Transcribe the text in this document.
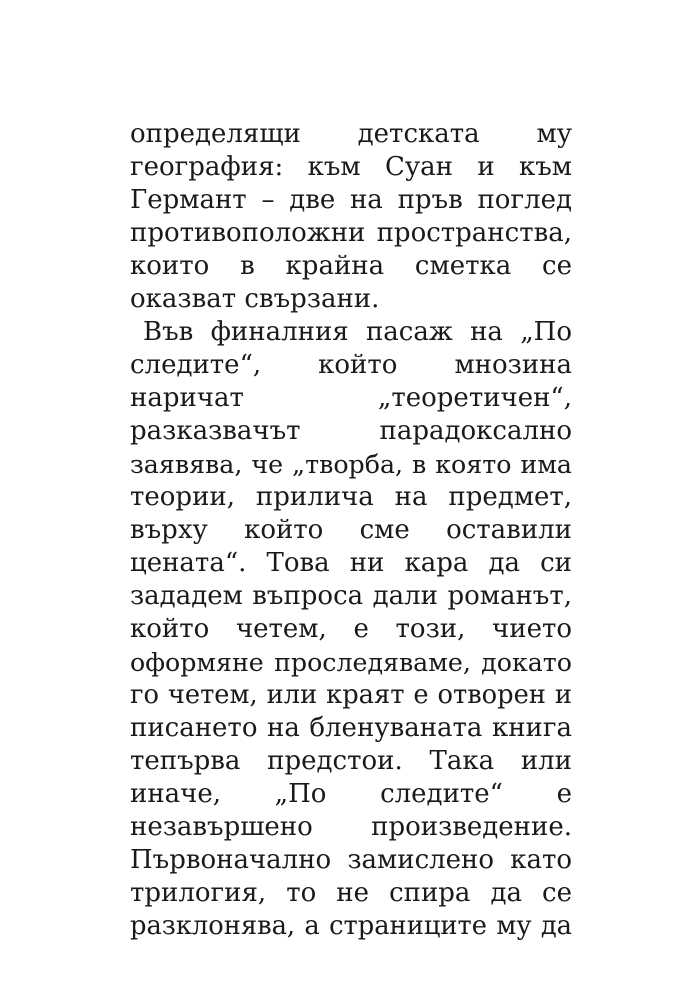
определящи детската му
география: към Суан и към
Германт – две на пръв поглед
противоположни пространства,
които в крайна сметка се
оказват свързани.
Във финалния пасаж на „По
следите“, който мнозина
наричат „теоретичен“,
разказвачът парадоксално
заявява, че „творба, в която има
теории, прилича на предмет,
върху който сме оставили
цената“. Това ни кара да си
зададем въпроса дали романът,
който четем, е този, чието
оформяне проследяваме, докато
го четем, или краят е отворен и
писането на бленуваната книга
тепърва предстои. Така или
иначе, „По следите“ е
незавършено произведение.
Първоначално замислено като
трилогия, то не спира да се
разклонява, а страниците му да
